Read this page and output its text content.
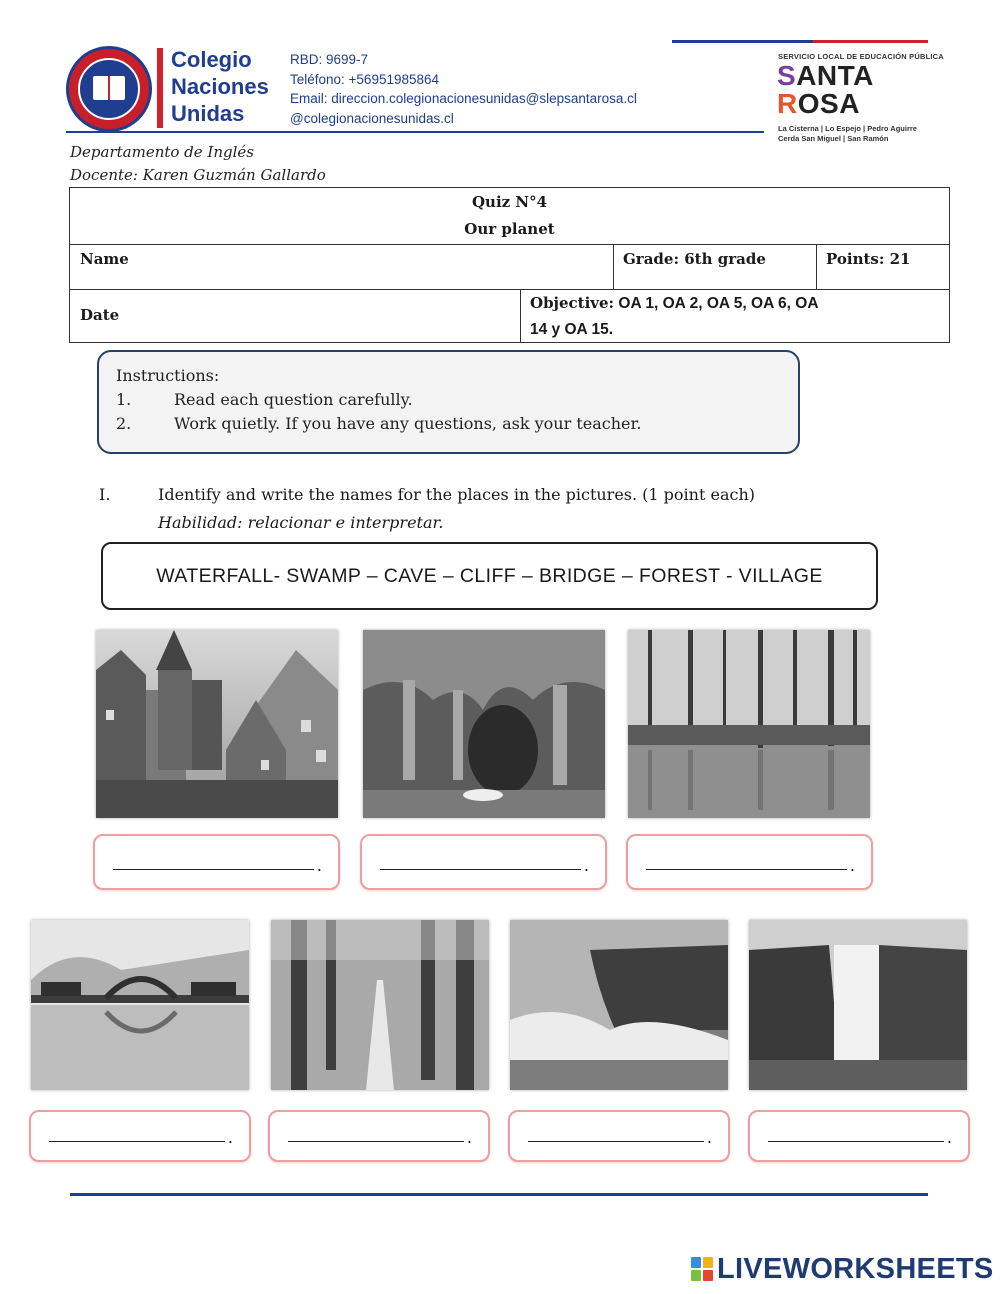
Colegio
Naciones
Unidas
RBD: 9699-7
Teléfono: +56951985864
Email: direccion.colegionacionesunidas@slepsantarosa.cl
@colegionacionesunidas.cl
SERVICIO LOCAL DE EDUCACIÓN PÚBLICA
SANTA
ROSA
La Cisterna | Lo Espejo | Pedro Aguirre Cerda San Miguel | San Ramón
Departamento de Inglés
Docente: Karen Guzmán Gallardo
Quiz N°4
Our planet
Name	Grade: 6th grade	Points: 21
Date
Objective: OA 1, OA 2, OA 5, OA 6, OA
14 y OA 15.
Instructions:
1.	Read each question carefully.
2.	Work quietly. If you have any questions, ask your teacher.
I.	Identify and write the names for the places in the pictures. (1 point each)
Habilidad: relacionar e interpretar.
WATERFALL- SWAMP – CAVE – CLIFF – BRIDGE – FOREST - VILLAGE
.	.	.
.	.	.	.
LIVEWORKSHEETS
